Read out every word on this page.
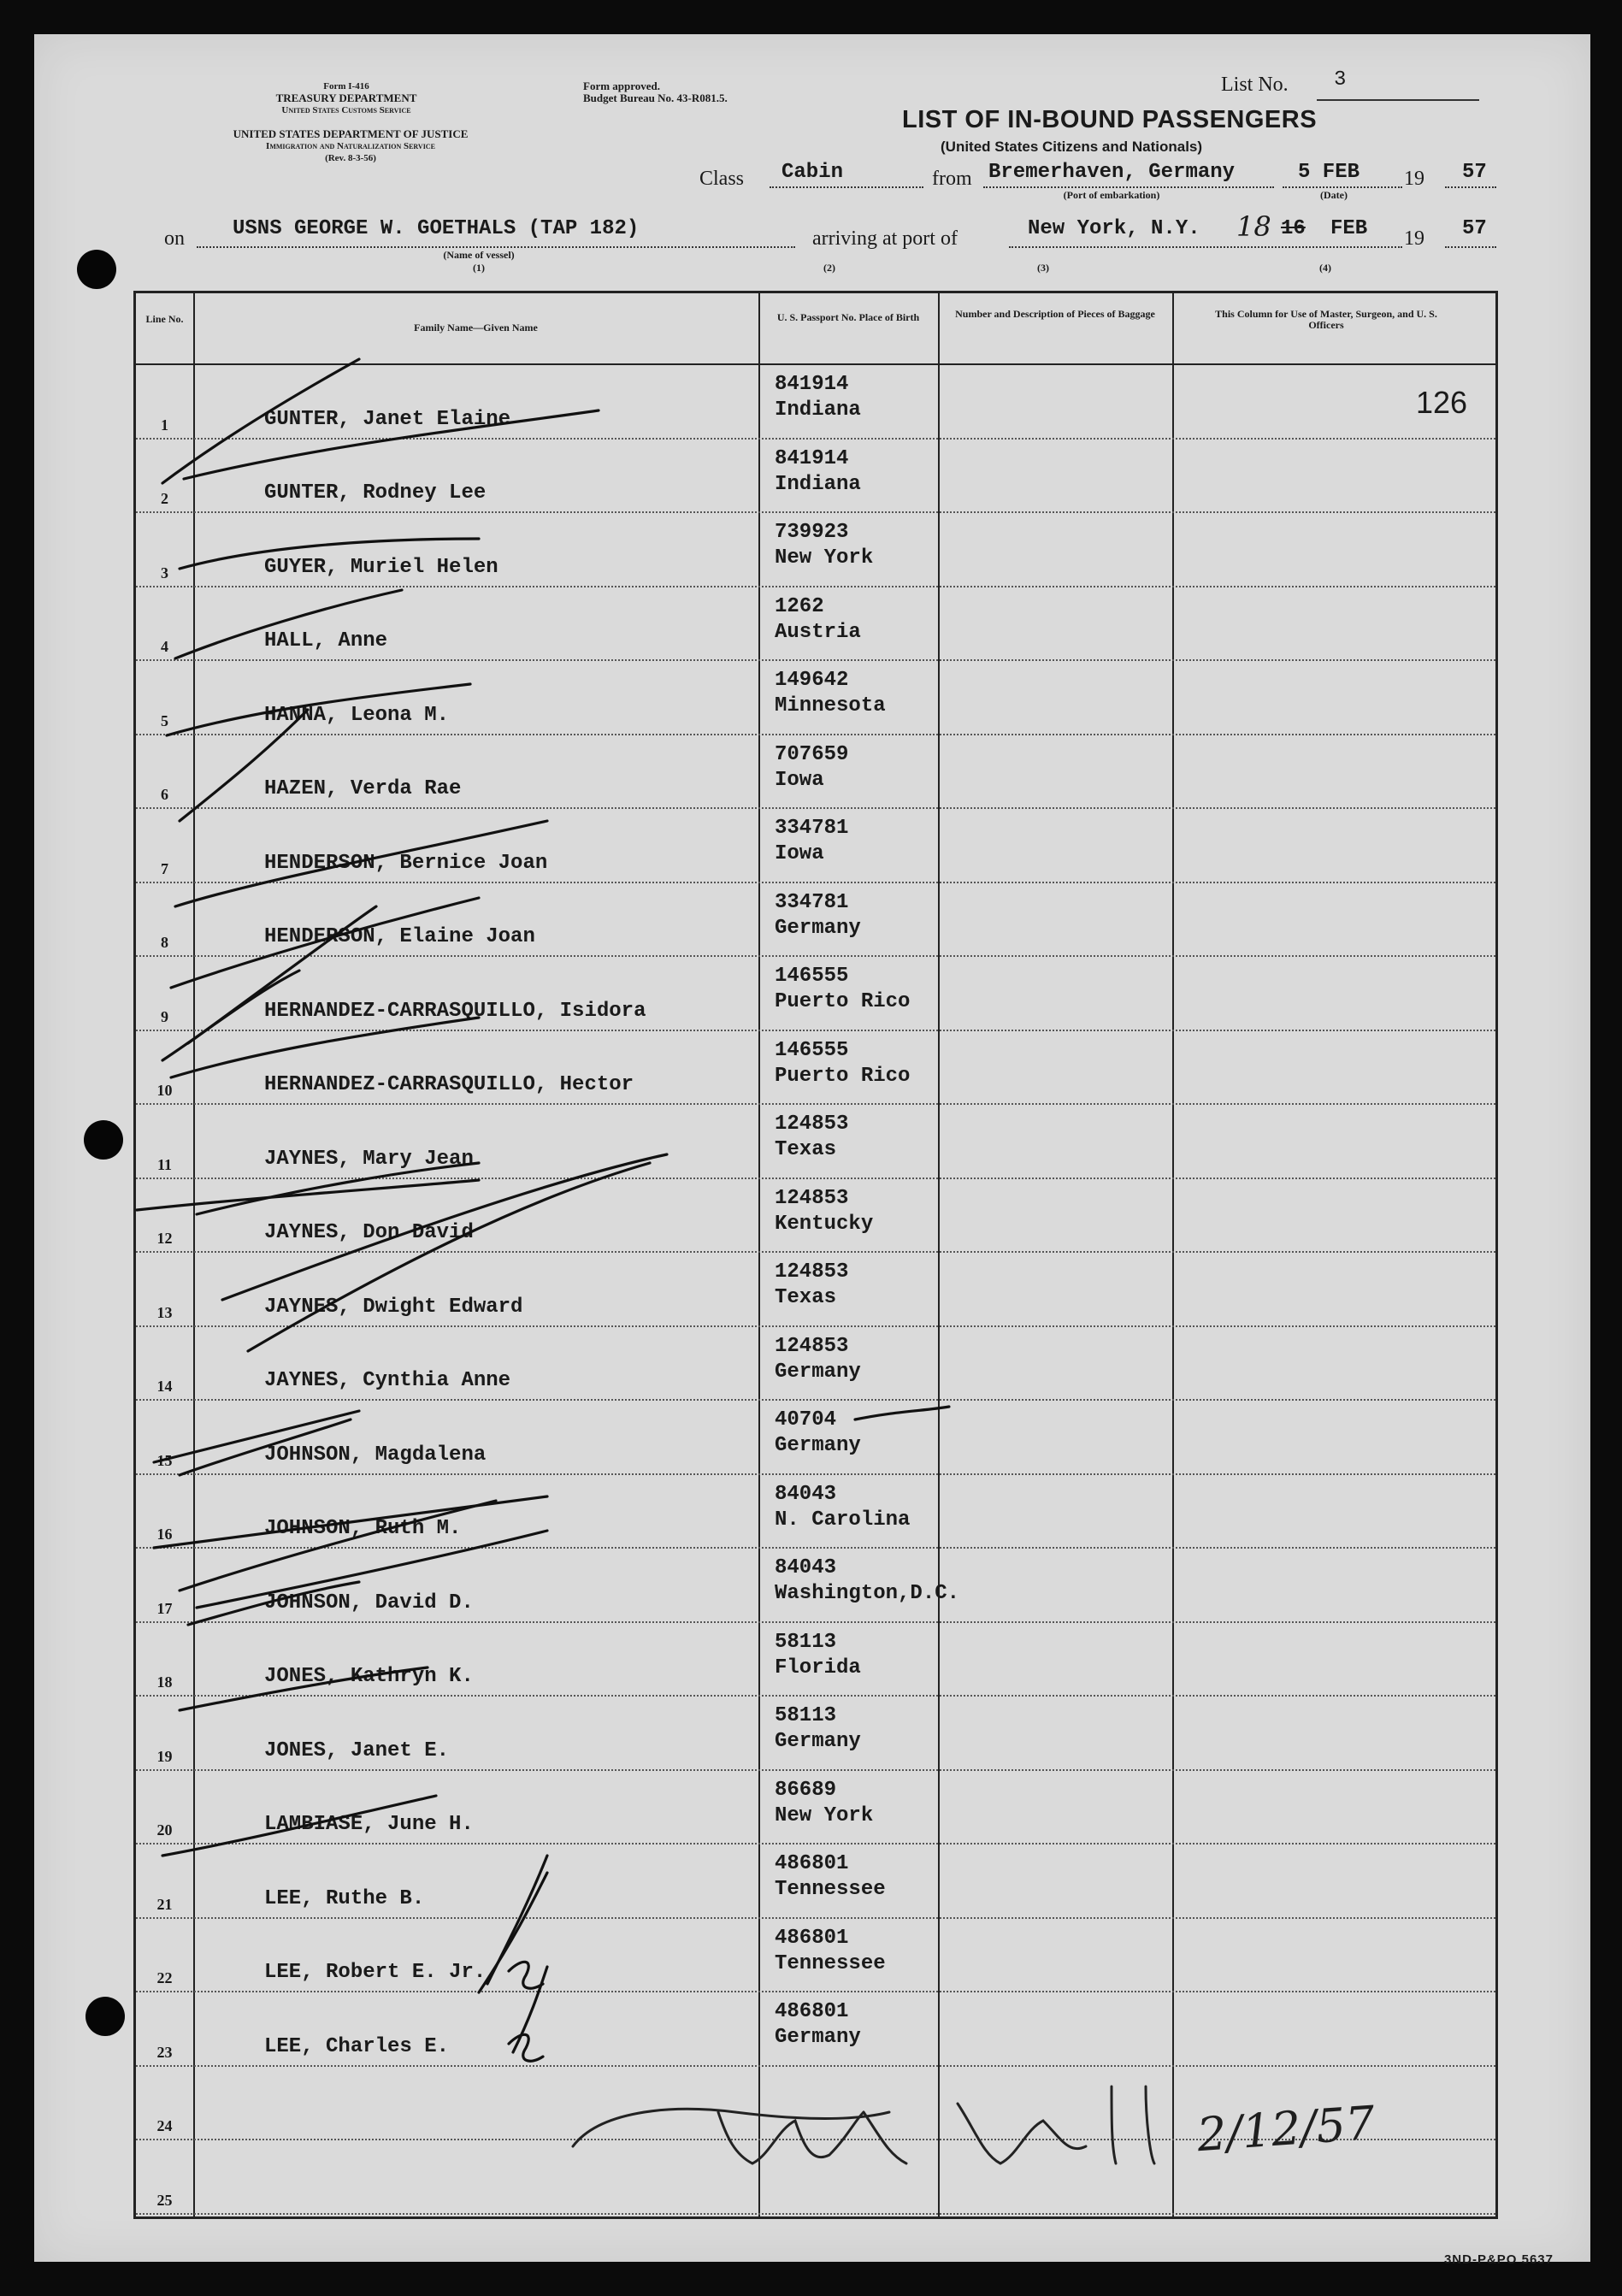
Form I-416
TREASURY DEPARTMENT
United States Customs Service
UNITED STATES DEPARTMENT OF JUSTICE
Immigration and Naturalization Service
(Rev. 8-3-56)
Form approved.
Budget Bureau No. 43-R081.5.
List No. 3
LIST OF IN-BOUND PASSENGERS
(United States Citizens and Nationals)
Class Cabin	from Bremerhaven, Germany
(Port of embarkation)
5 FEB
(Date)
19 57
on USNS GEORGE W. GOETHALS (TAP 182)
(Name of vessel)
(1)
arriving at port of	New York, N.Y. 18 16 FEB 19 57
(2)	(3)	(4)
Line No.
Family Name—Given Name
U. S. Passport No. Place of Birth	Number and Description of Pieces of Baggage	This Column for Use of Master, Surgeon, and U. S. Officers
1	GUNTER, Janet Elaine
841914
Indiana
2	GUNTER, Rodney Lee
841914
Indiana
3	GUYER, Muriel Helen
739923
New York
4	HALL, Anne
1262
Austria
5	HANNA, Leona M.
149642
Minnesota
6	HAZEN, Verda Rae
707659
Iowa
7	HENDERSON, Bernice Joan
334781
Iowa
8	HENDERSON, Elaine Joan
334781
Germany
9	HERNANDEZ-CARRASQUILLO, Isidora
146555
Puerto Rico
10	HERNANDEZ-CARRASQUILLO, Hector
146555
Puerto Rico
11	JAYNES, Mary Jean
124853
Texas
12	JAYNES, Don David
124853
Kentucky
13	JAYNES, Dwight Edward
124853
Texas
14	JAYNES, Cynthia Anne
124853
Germany
15	JOHNSON, Magdalena
40704
Germany
16	JOHNSON, Ruth M.
84043
N. Carolina
17	JOHNSON, David D.
84043
Washington,D.C.
18	JONES, Kathryn K.
58113
Florida
19	JONES, Janet E.
58113
Germany
20	LAMBIASE, June H.
86689
New York
21	LEE, Ruthe B.
486801
Tennessee
22	LEE, Robert E. Jr.
486801
Tennessee
23	LEE, Charles E.
486801
Germany
24
25
2/12/57
126
3ND-P&PO 5637
